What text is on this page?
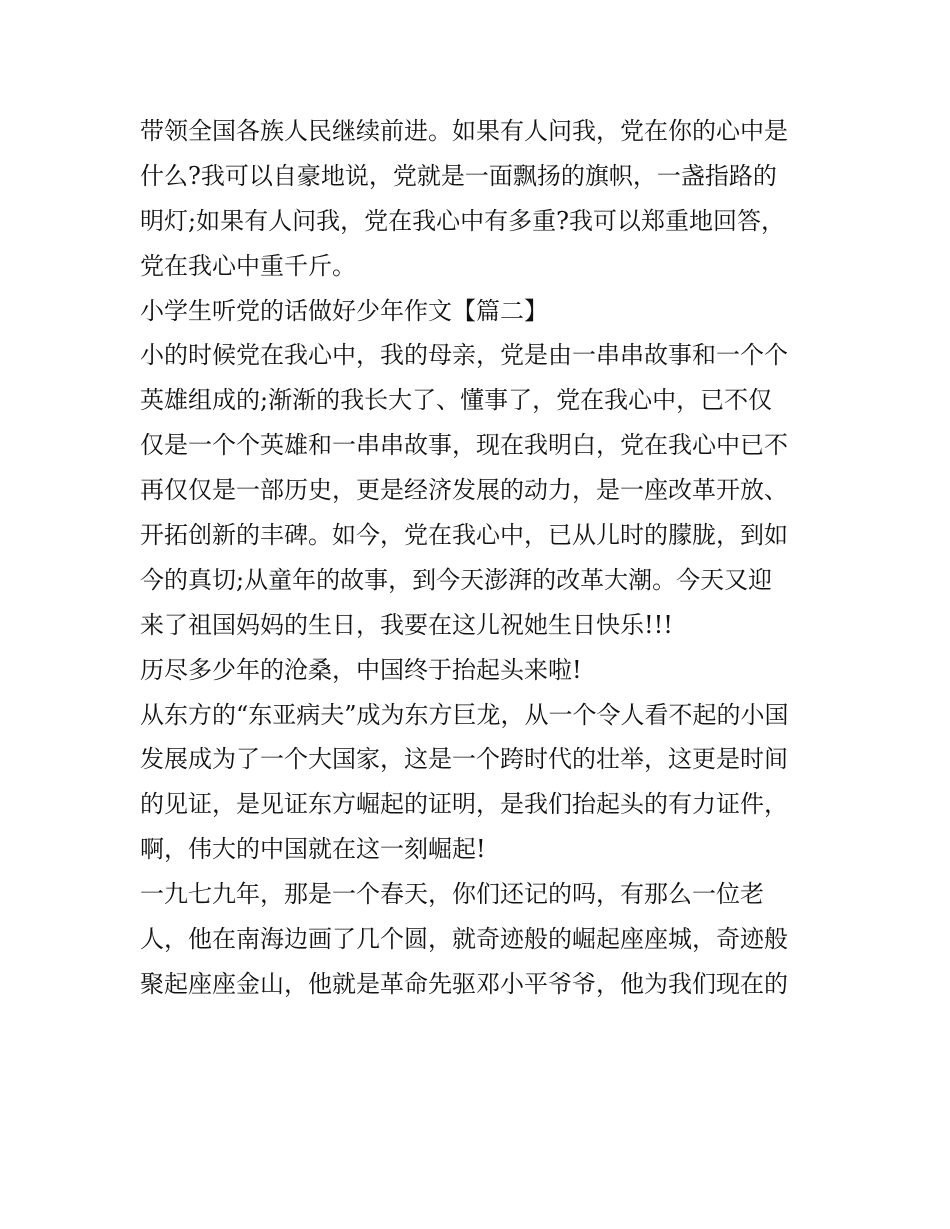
带领全国各族人民继续前进。如果有人问我，党在你的心中是
什么?我可以自豪地说，党就是一面飘扬的旗帜，一盏指路的
明灯;如果有人问我，党在我心中有多重?我可以郑重地回答，
党在我心中重千斤。
小学生听党的话做好少年作文【篇二】
小的时候党在我心中，我的母亲，党是由一串串故事和一个个
英雄组成的;渐渐的我长大了、懂事了，党在我心中，已不仅
仅是一个个英雄和一串串故事，现在我明白，党在我心中已不
再仅仅是一部历史，更是经济发展的动力，是一座改革开放、
开拓创新的丰碑。如今，党在我心中，已从儿时的朦胧，到如
今的真切;从童年的故事，到今天澎湃的改革大潮。今天又迎
来了祖国妈妈的生日，我要在这儿祝她生日快乐!!!
历尽多少年的沧桑，中国终于抬起头来啦!
从东方的“东亚病夫”成为东方巨龙，从一个令人看不起的小国
发展成为了一个大国家，这是一个跨时代的壮举，这更是时间
的见证，是见证东方崛起的证明，是我们抬起头的有力证件，
啊，伟大的中国就在这一刻崛起!
一九七九年，那是一个春天，你们还记的吗，有那么一位老
人，他在南海边画了几个圆，就奇迹般的崛起座座城，奇迹般
聚起座座金山，他就是革命先驱邓小平爷爷，他为我们现在的
